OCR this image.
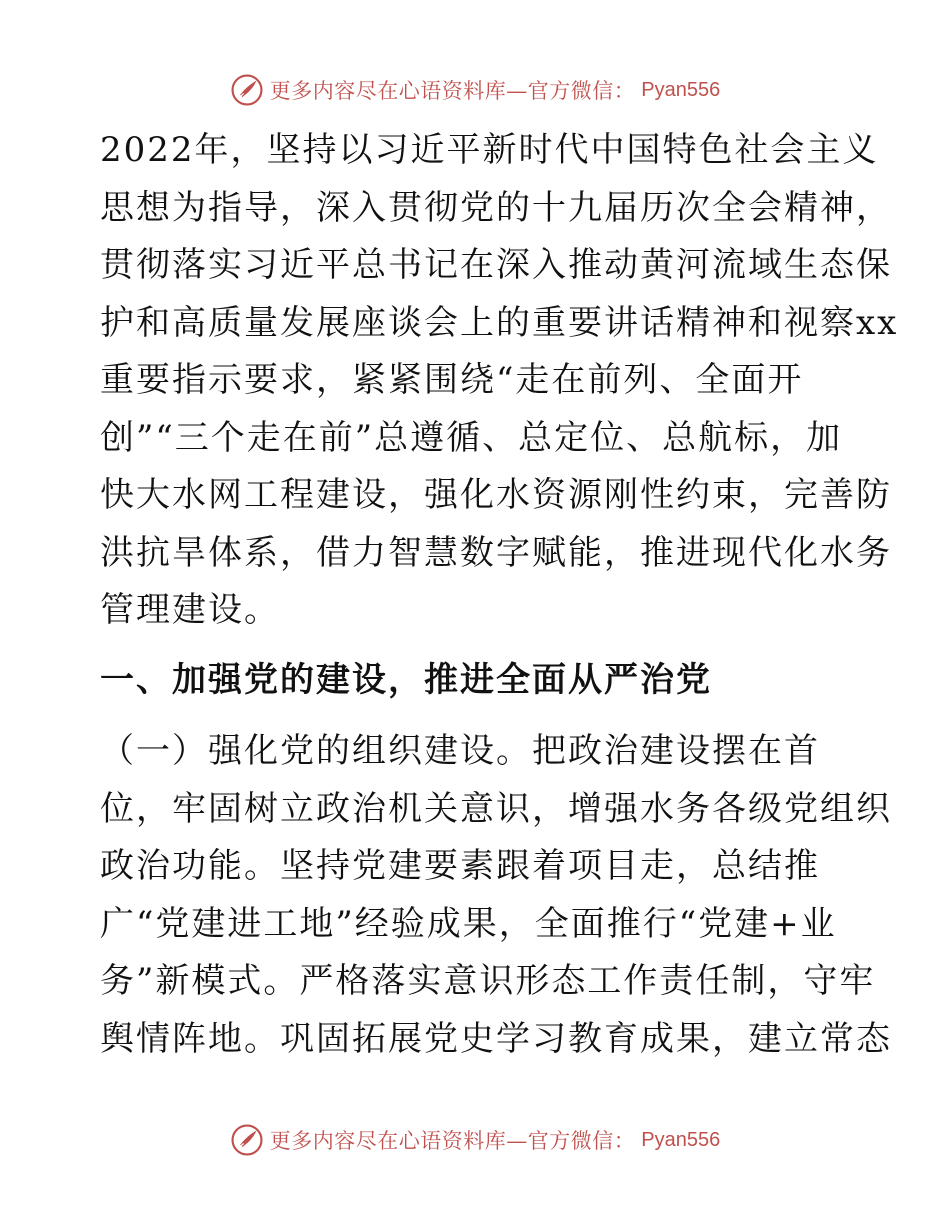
更多内容尽在心语资料库—官方微信： Pyan556

2022年，坚持以习近平新时代中国特色社会主义
思想为指导，深入贯彻党的十九届历次全会精神，
贯彻落实习近平总书记在深入推动黄河流域生态保
护和高质量发展座谈会上的重要讲话精神和视察xx
重要指示要求，紧紧围绕“走在前列、全面开
创”“三个走在前”总遵循、总定位、总航标，加
快大水网工程建设，强化水资源刚性约束，完善防
洪抗旱体系，借力智慧数字赋能，推进现代化水务
管理建设。

一、加强党的建设，推进全面从严治党

（一）强化党的组织建设。把政治建设摆在首
位，牢固树立政治机关意识，增强水务各级党组织
政治功能。坚持党建要素跟着项目走，总结推
广“党建进工地”经验成果，全面推行“党建+业
务”新模式。严格落实意识形态工作责任制，守牢
舆情阵地。巩固拓展党史学习教育成果，建立常态

更多内容尽在心语资料库—官方微信： Pyan556
